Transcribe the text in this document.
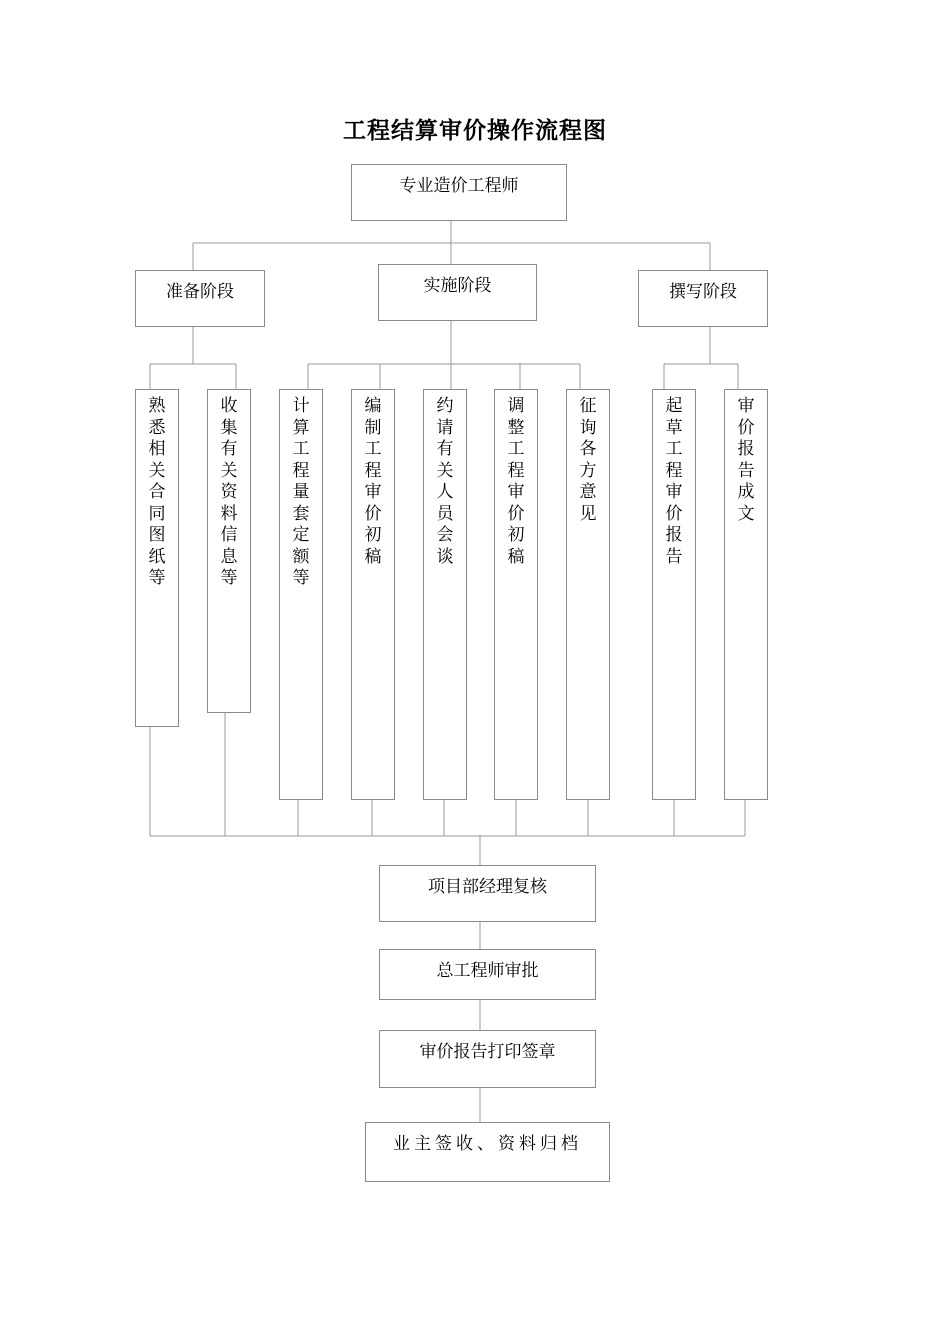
工程结算审价操作流程图
专业造价工程师
准备阶段	实施阶段	撰写阶段
熟
悉
相
关
合
同
图
纸
等
收
集
有
关
资
料
信
息
等
计
算
工
程
量
套
定
额
等
编
制
工
程
审
价
初
稿
约
请
有
关
人
员
会
谈
调
整
工
程
审
价
初
稿
征
询
各
方
意
见
起
草
工
程
审
价
报
告
审
价
报
告
成
文
项目部经理复核
总工程师审批
审价报告打印签章
业主签收、资料归档
